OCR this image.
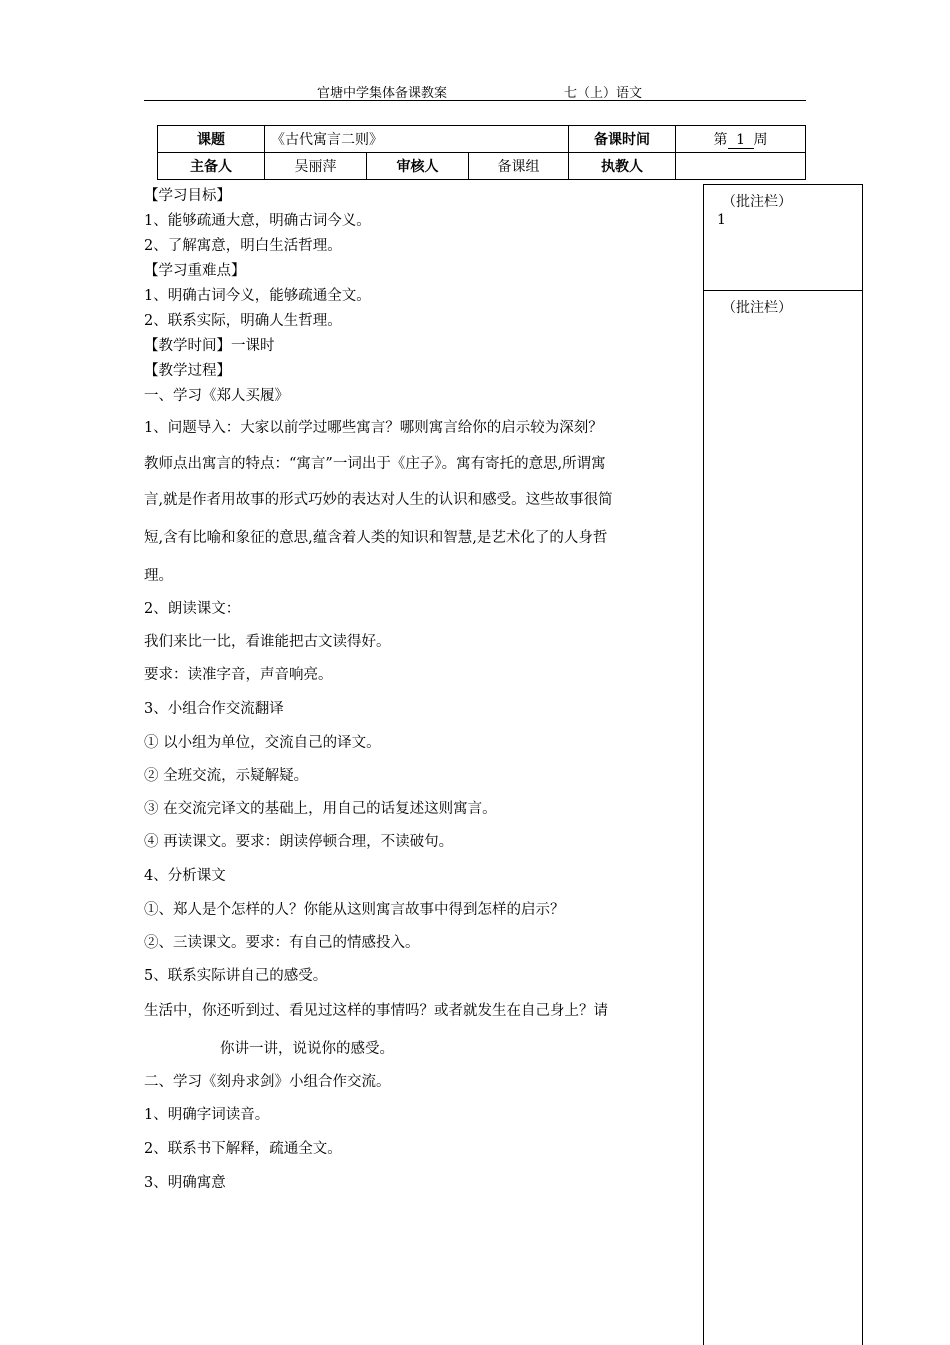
官塘中学集体备课教案	七（上）语文
课题	《古代寓言二则》			备课时间	第 1 周
主备人	吴丽萍	审核人	备课组	执教人	
（批注栏）
1
（批注栏）
【学习目标】
1、能够疏通大意，明确古词今义。
2、了解寓意，明白生活哲理。
【学习重难点】
1、明确古词今义，能够疏通全文。
2、联系实际，明确人生哲理。
【教学时间】一课时
【教学过程】
一、学习《郑人买履》
1、问题导入：大家以前学过哪些寓言？哪则寓言给你的启示较为深刻？
教师点出寓言的特点：“寓言”一词出于《庄子》。寓有寄托的意思,所谓寓
言,就是作者用故事的形式巧妙的表达对人生的认识和感受。这些故事很简
短,含有比喻和象征的意思,蕴含着人类的知识和智慧,是艺术化了的人身哲
理。
2、朗读课文：
我们来比一比，看谁能把古文读得好。
要求：读准字音，声音响亮。
3、小组合作交流翻译
① 以小组为单位，交流自己的译文。
② 全班交流，示疑解疑。
③ 在交流完译文的基础上，用自己的话复述这则寓言。
④ 再读课文。要求：朗读停顿合理，不读破句。
4、分析课文
①、郑人是个怎样的人？你能从这则寓言故事中得到怎样的启示？
②、三读课文。要求：有自己的情感投入。
5、联系实际讲自己的感受。
生活中，你还听到过、看见过这样的事情吗？或者就发生在自己身上？请
你讲一讲，说说你的感受。
二、学习《刻舟求剑》小组合作交流。
1、明确字词读音。
2、联系书下解释，疏通全文。
3、明确寓意
